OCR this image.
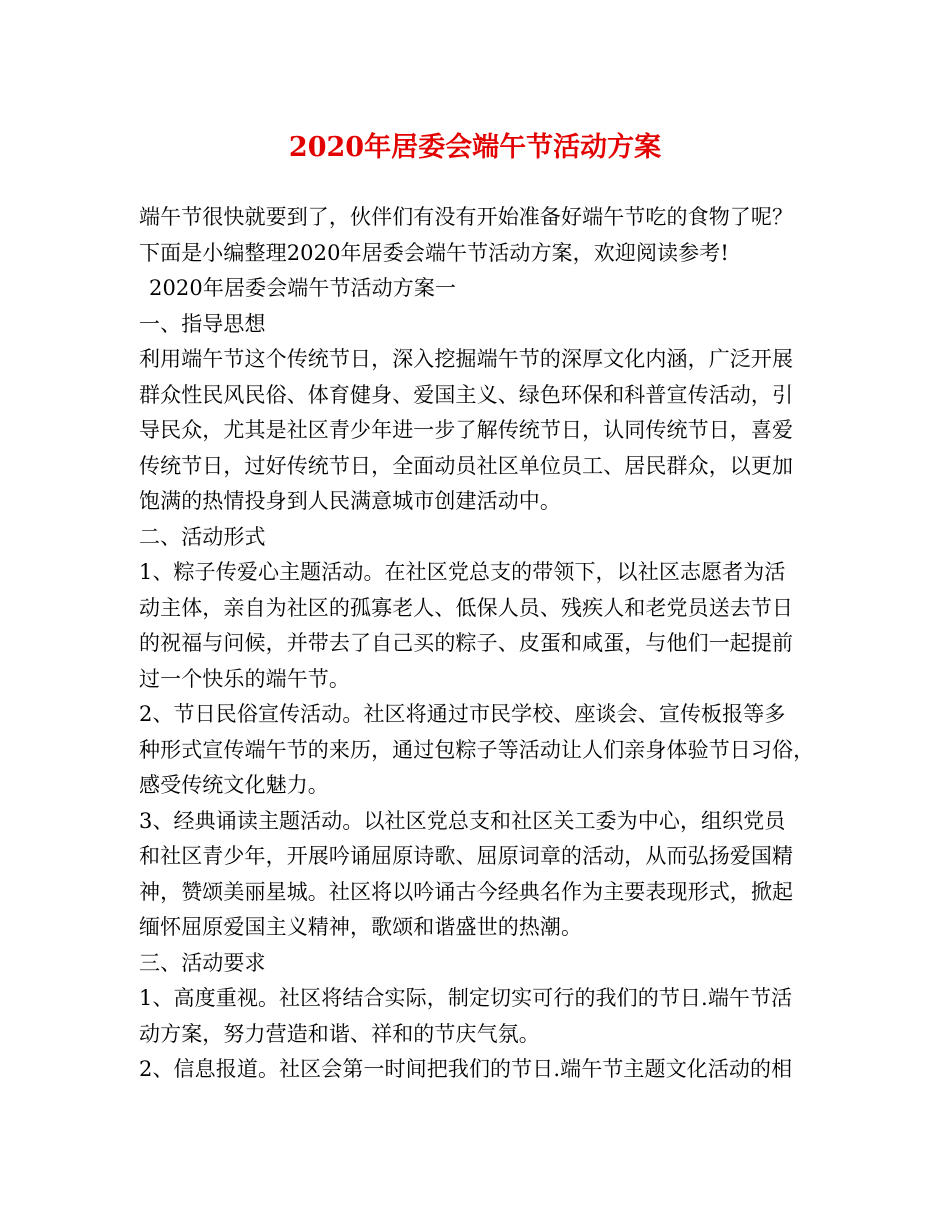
2020年居委会端午节活动方案
端午节很快就要到了，伙伴们有没有开始准备好端午节吃的食物了呢？
下面是小编整理2020年居委会端午节活动方案，欢迎阅读参考!
2020年居委会端午节活动方案一
一、指导思想
利用端午节这个传统节日，深入挖掘端午节的深厚文化内涵，广泛开展
群众性民风民俗、体育健身、爱国主义、绿色环保和科普宣传活动，引
导民众，尤其是社区青少年进一步了解传统节日，认同传统节日，喜爱
传统节日，过好传统节日，全面动员社区单位员工、居民群众，以更加
饱满的热情投身到人民满意城市创建活动中。
二、活动形式
1、粽子传爱心主题活动。在社区党总支的带领下，以社区志愿者为活
动主体，亲自为社区的孤寡老人、低保人员、残疾人和老党员送去节日
的祝福与问候，并带去了自己买的粽子、皮蛋和咸蛋，与他们一起提前
过一个快乐的端午节。
2、节日民俗宣传活动。社区将通过市民学校、座谈会、宣传板报等多
种形式宣传端午节的来历，通过包粽子等活动让人们亲身体验节日习俗，
感受传统文化魅力。
3、经典诵读主题活动。以社区党总支和社区关工委为中心，组织党员
和社区青少年，开展吟诵屈原诗歌、屈原词章的活动，从而弘扬爱国精
神，赞颂美丽星城。社区将以吟诵古今经典名作为主要表现形式，掀起
缅怀屈原爱国主义精神，歌颂和谐盛世的热潮。
三、活动要求
1、高度重视。社区将结合实际，制定切实可行的我们的节日.端午节活
动方案，努力营造和谐、祥和的节庆气氛。
2、信息报道。社区会第一时间把我们的节日.端午节主题文化活动的相
